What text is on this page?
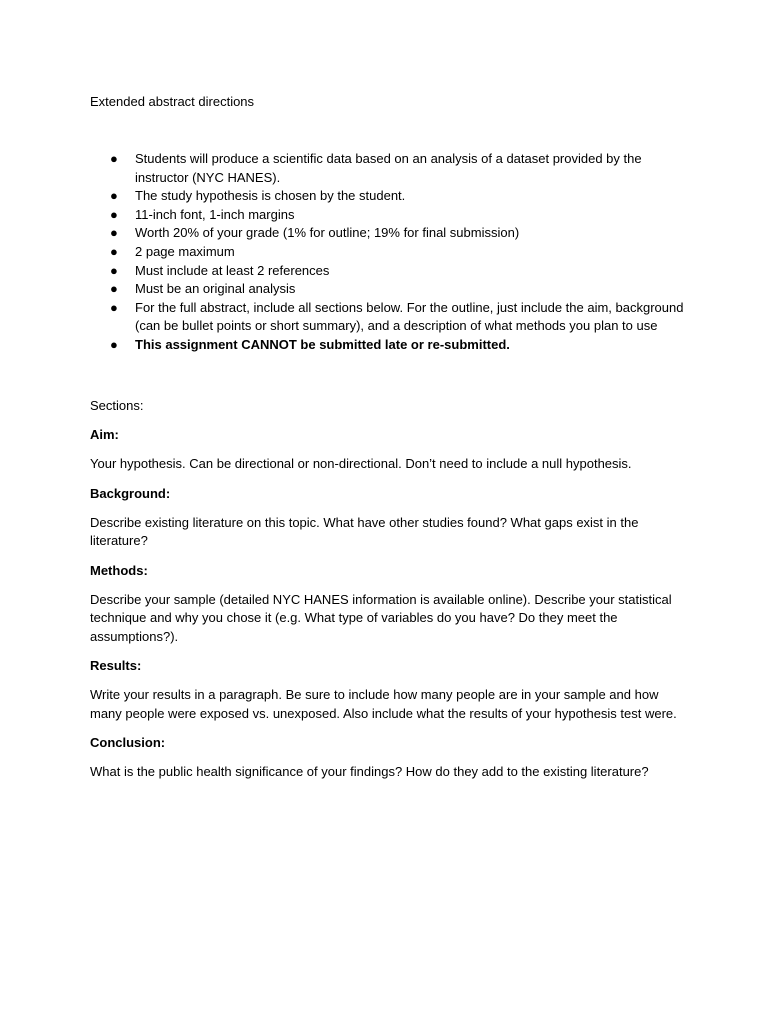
Extended abstract directions

● Students will produce a scientific data based on an analysis of a dataset provided by the instructor (NYC HANES).
● The study hypothesis is chosen by the student.
● 11-inch font, 1-inch margins
● Worth 20% of your grade (1% for outline; 19% for final submission)
● 2 page maximum
● Must include at least 2 references
● Must be an original analysis
● For the full abstract, include all sections below. For the outline, just include the aim, background (can be bullet points or short summary), and a description of what methods you plan to use
● This assignment CANNOT be submitted late or re-submitted.

Sections:

Aim:

Your hypothesis. Can be directional or non-directional. Don’t need to include a null hypothesis.

Background:

Describe existing literature on this topic. What have other studies found? What gaps exist in the literature?

Methods:

Describe your sample (detailed NYC HANES information is available online). Describe your statistical technique and why you chose it (e.g. What type of variables do you have? Do they meet the assumptions?).

Results:

Write your results in a paragraph. Be sure to include how many people are in your sample and how many people were exposed vs. unexposed. Also include what the results of your hypothesis test were.

Conclusion:

What is the public health significance of your findings? How do they add to the existing literature?
